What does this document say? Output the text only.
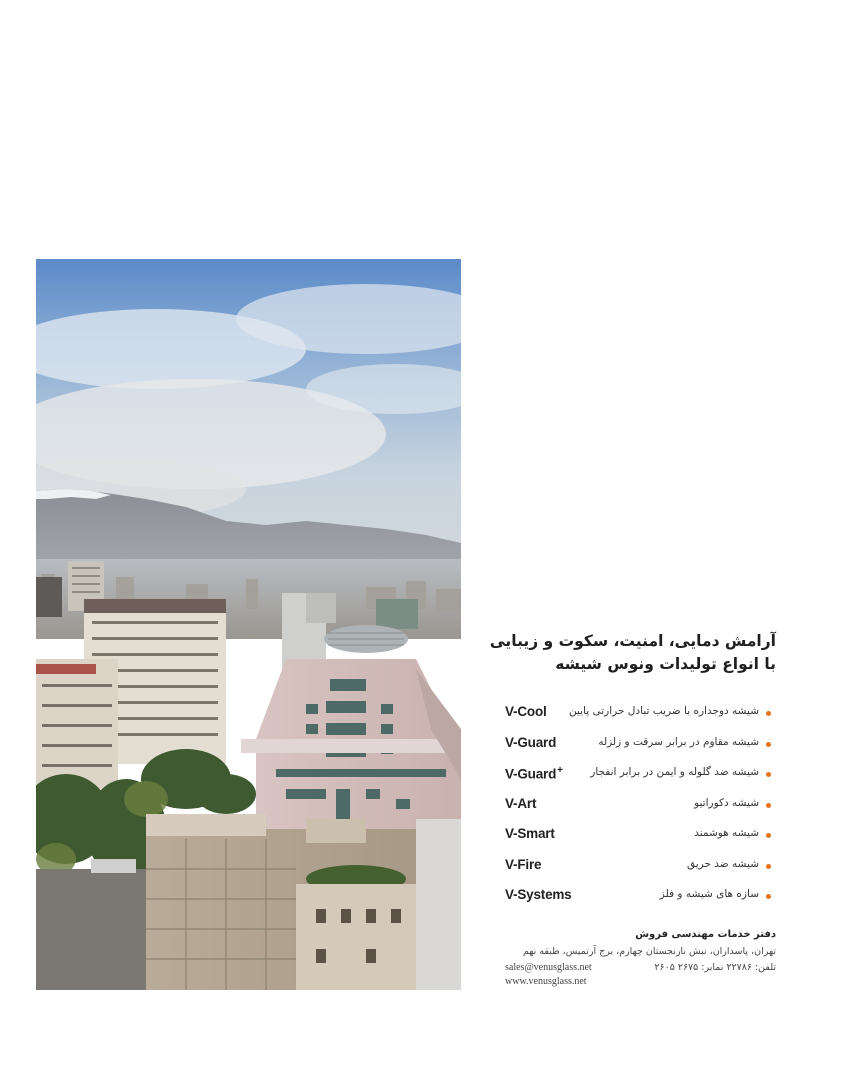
آرامش دمایی، امنیت، سکوت و زیبایی
با انواع تولیدات ونوس شیشه
V-Cool شیشه دوجداره با ضریب تبادل حرارتی پایین
V-Guard	شیشه مقاوم در برابر سرقت و زلزله
V-Guard+	شیشه ضد گلوله و ایمن در برابر انفجار
V-Art	شیشه دکوراتیو
V-Smart	شیشه هوشمند
V-Fire	شیشه ضد حریق
V-Systems	سازه های شیشه و فلز
دفتر خدمات مهندسی فروش
تهران، پاسداران، نبش نارنجستان چهارم، برج آرتمیس، طبقه نهم
تلفن: ۲۲۷۸۶ نمابر: ۲۶۷۵ ۲۶۰۵
sales@venusglass.net
www.venusglass.net
